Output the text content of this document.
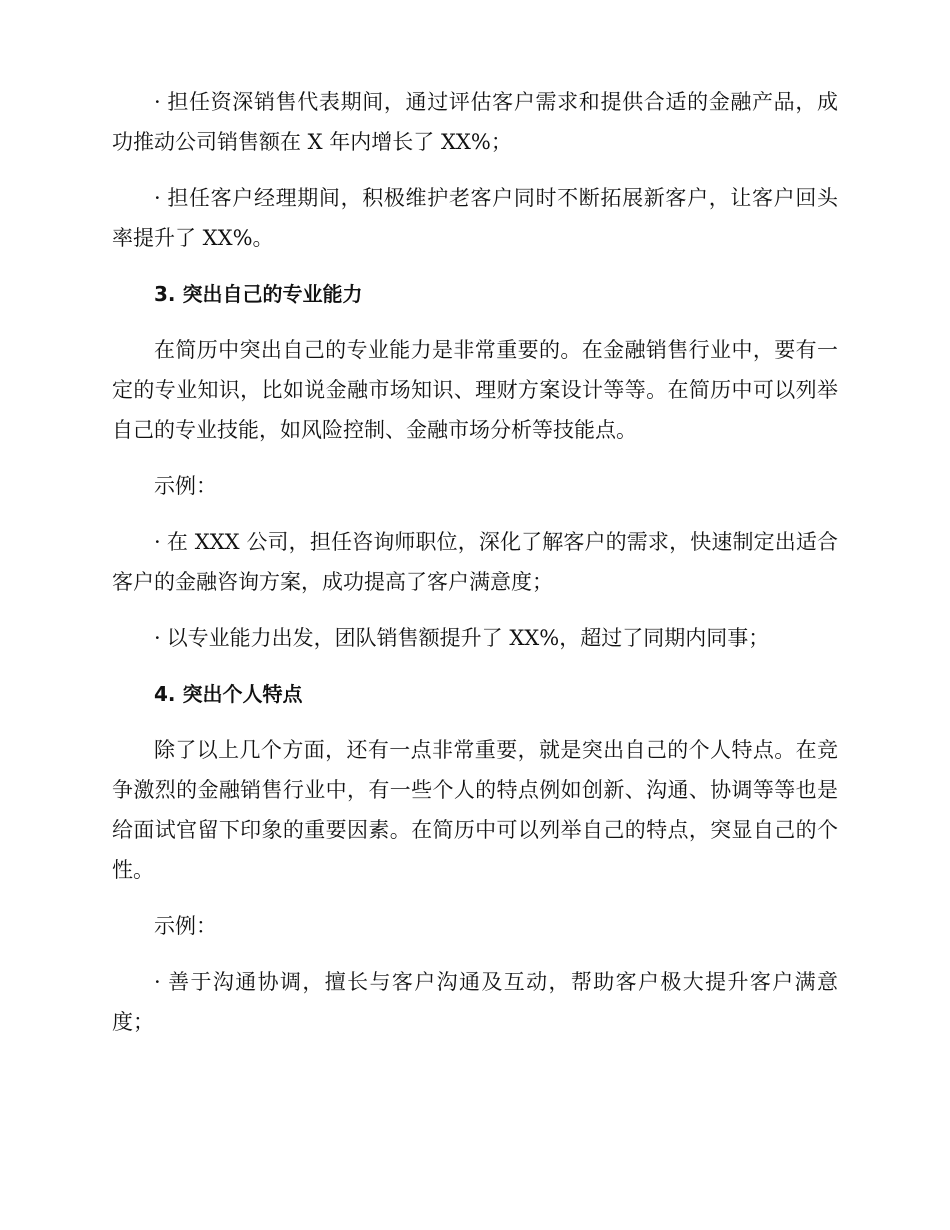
· 担任资深销售代表期间，通过评估客户需求和提供合适的金融产品，成功推动公司销售额在 X 年内增长了 XX%；

· 担任客户经理期间，积极维护老客户同时不断拓展新客户，让客户回头率提升了 XX%。

3. 突出自己的专业能力

在简历中突出自己的专业能力是非常重要的。在金融销售行业中，要有一定的专业知识，比如说金融市场知识、理财方案设计等等。在简历中可以列举自己的专业技能，如风险控制、金融市场分析等技能点。

示例：

· 在 XXX 公司，担任咨询师职位，深化了解客户的需求，快速制定出适合客户的金融咨询方案，成功提高了客户满意度；

· 以专业能力出发，团队销售额提升了 XX%，超过了同期内同事；

4. 突出个人特点

除了以上几个方面，还有一点非常重要，就是突出自己的个人特点。在竞争激烈的金融销售行业中，有一些个人的特点例如创新、沟通、协调等等也是给面试官留下印象的重要因素。在简历中可以列举自己的特点，突显自己的个性。

示例：

· 善于沟通协调，擅长与客户沟通及互动，帮助客户极大提升客户满意度；
